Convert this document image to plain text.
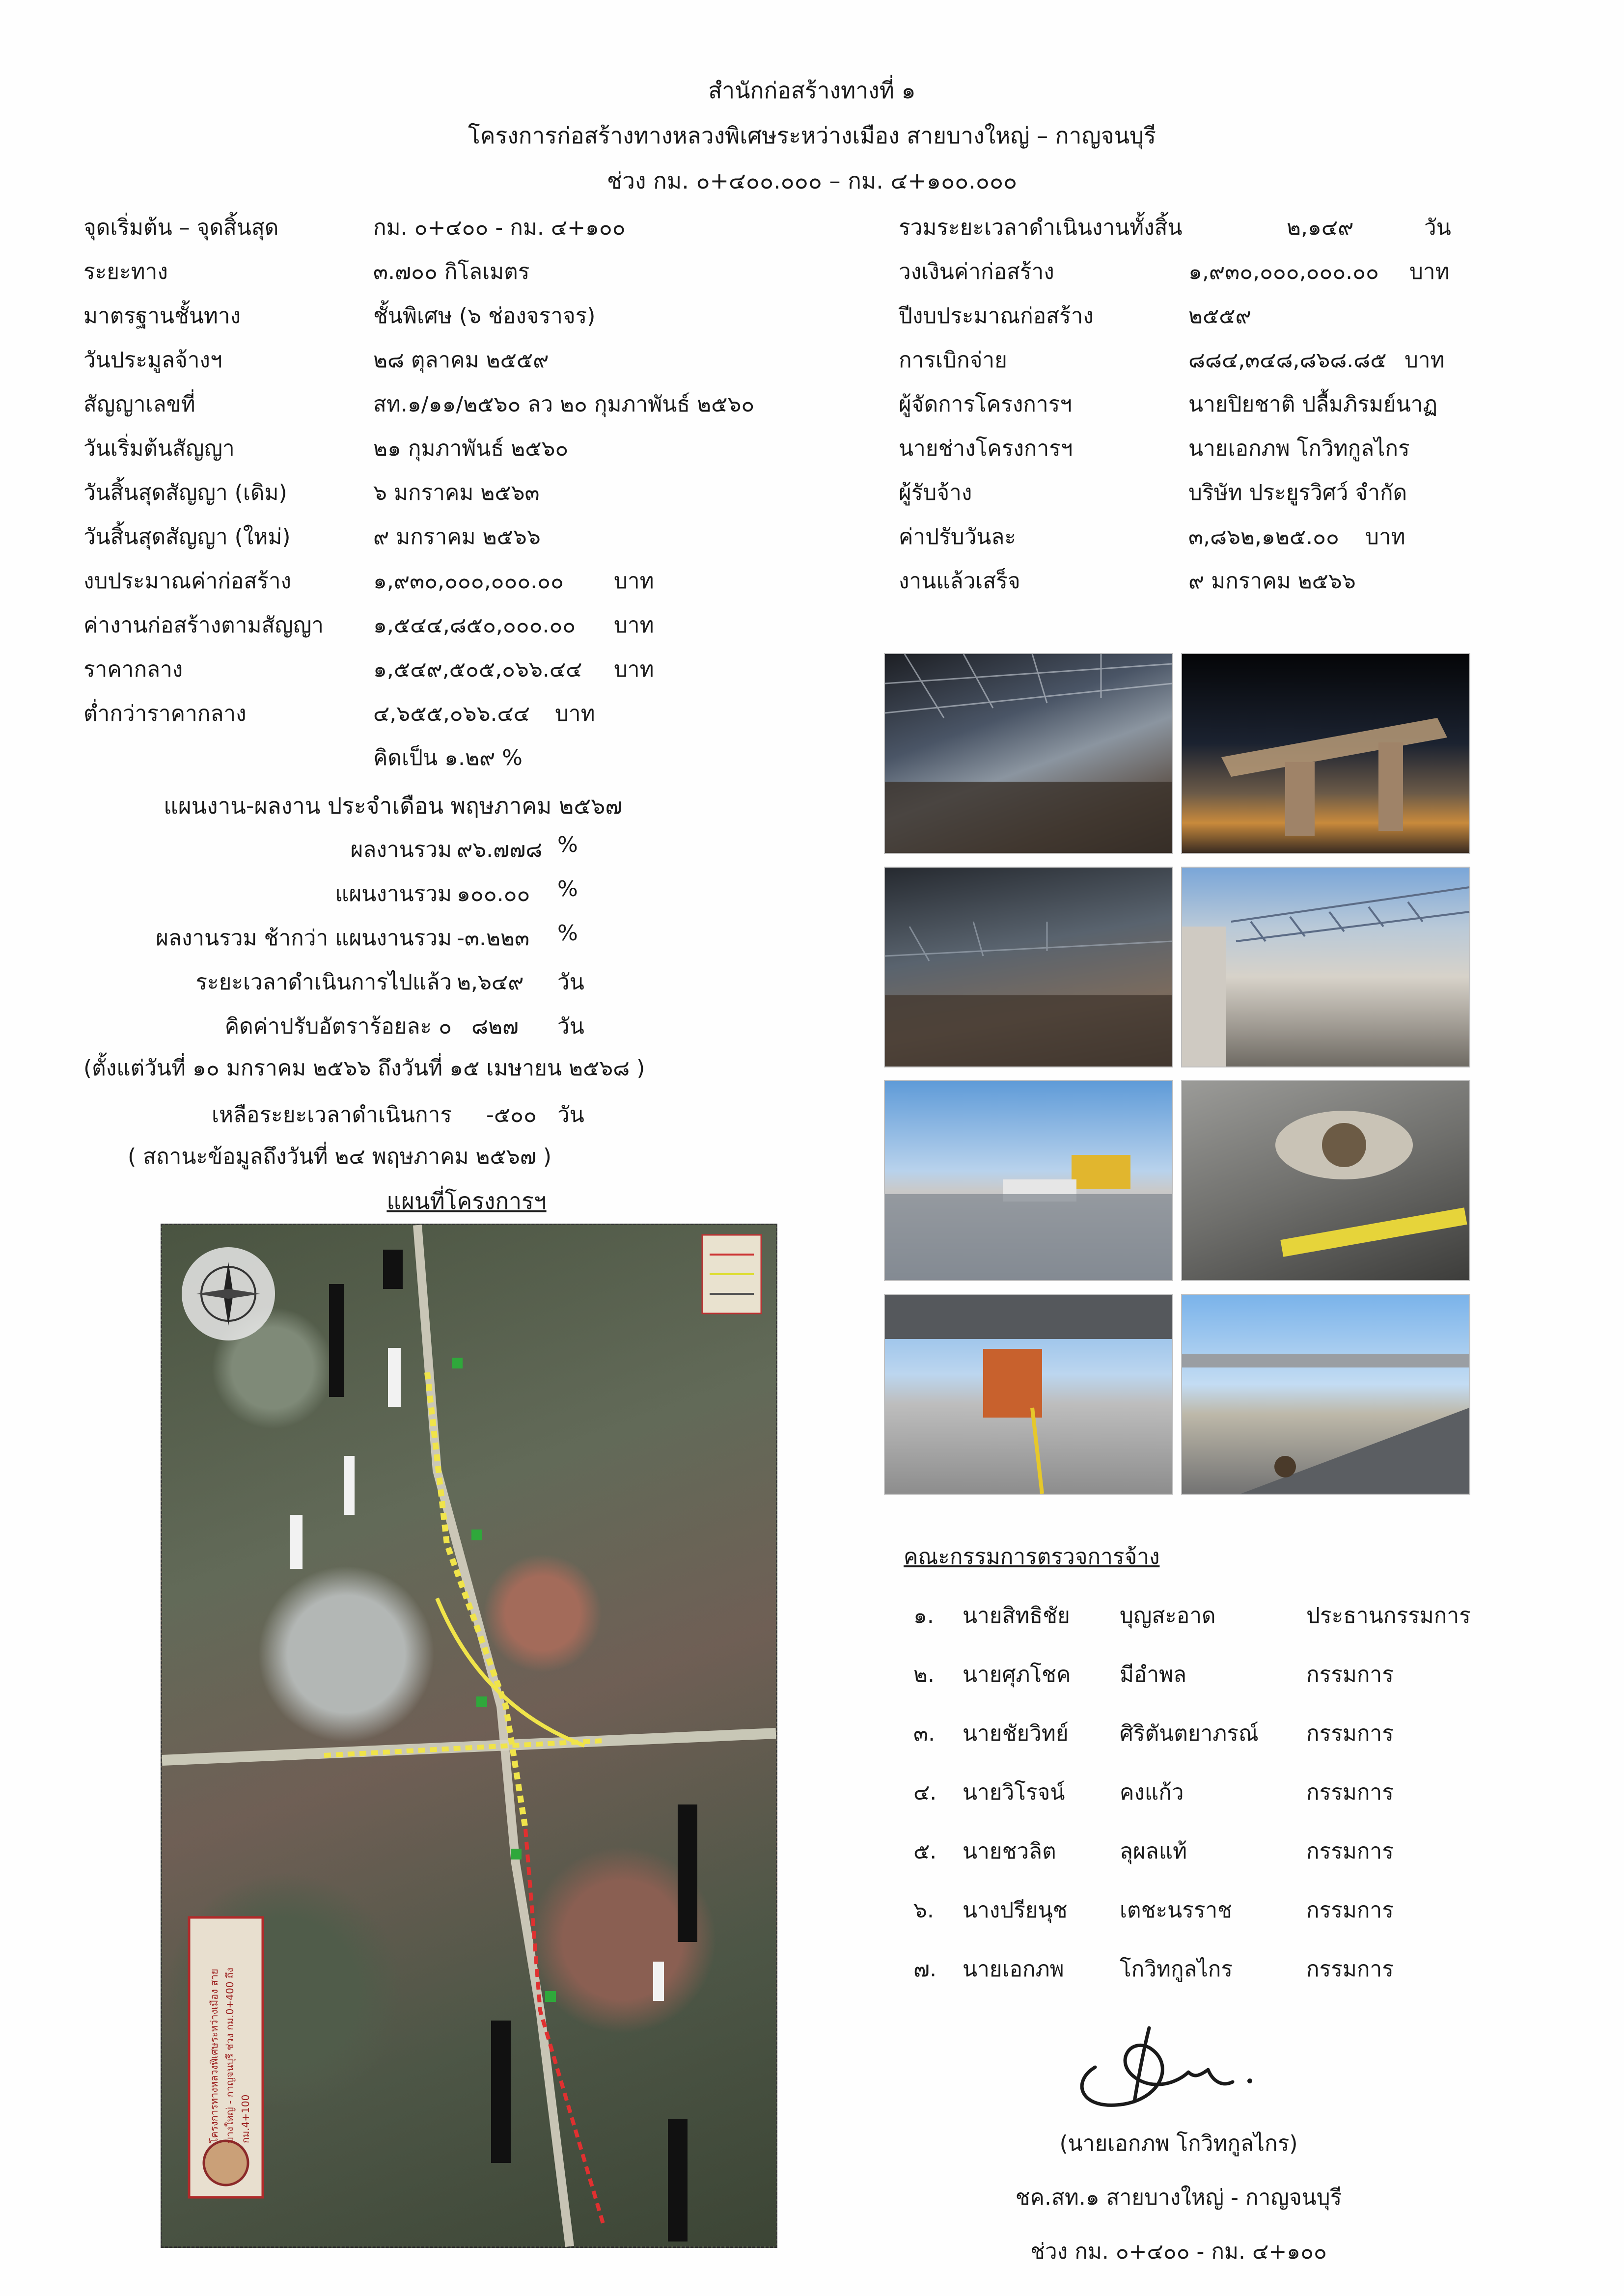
สำนักก่อสร้างทางที่ ๑
โครงการก่อสร้างทางหลวงพิเศษระหว่างเมือง สายบางใหญ่ – กาญจนบุรี
ช่วง กม. ๐+๔๐๐.๐๐๐ – กม. ๔+๑๐๐.๐๐๐
จุดเริ่มต้น – จุดสิ้นสุด	กม. ๐+๔๐๐ - กม. ๔+๑๐๐
ระยะทาง	๓.๗๐๐ กิโลเมตร
มาตรฐานชั้นทาง	ชั้นพิเศษ (๖ ช่องจราจร)
วันประมูลจ้างฯ	๒๘ ตุลาคม ๒๕๕๙
สัญญาเลขที่	สท.๑/๑๑/๒๕๖๐ ลว ๒๐ กุมภาพันธ์ ๒๕๖๐
วันเริ่มต้นสัญญา	๒๑ กุมภาพันธ์ ๒๕๖๐
วันสิ้นสุดสัญญา (เดิม)	๖ มกราคม ๒๕๖๓
วันสิ้นสุดสัญญา (ใหม่)	๙ มกราคม ๒๕๖๖
งบประมาณค่าก่อสร้าง	๑,๙๓๐,๐๐๐,๐๐๐.๐๐ บาท
ค่างานก่อสร้างตามสัญญา ๑,๕๔๔,๘๕๐,๐๐๐.๐๐ บาท
ราคากลาง	๑,๕๔๙,๕๐๕,๐๖๖.๔๔ บาท
ต่ำกว่าราคากลาง	๔,๖๕๕,๐๖๖.๔๔ บาท
คิดเป็น ๑.๒๙ %
รวมระยะเวลาดำเนินงานทั้งสิ้น	๒,๑๔๙	วัน
วงเงินค่าก่อสร้าง	๑,๙๓๐,๐๐๐,๐๐๐.๐๐ บาท
ปีงบประมาณก่อสร้าง	๒๕๕๙
การเบิกจ่าย	๘๘๔,๓๔๘,๘๖๘.๘๕ บาท
ผู้จัดการโครงการฯ	นายปิยชาติ ปลื้มภิรมย์นาฏ
นายช่างโครงการฯ	นายเอกภพ โกวิทกูลไกร
ผู้รับจ้าง	บริษัท ประยูรวิศว์ จำกัด
ค่าปรับวันละ	๓,๘๖๒,๑๒๕.๐๐ บาท
งานแล้วเสร็จ	๙ มกราคม ๒๕๖๖
แผนงาน-ผลงาน ประจำเดือน พฤษภาคม ๒๕๖๗
ผลงานรวม ๙๖.๗๗๘ %
แผนงานรวม ๑๐๐.๐๐ %
ผลงานรวม ช้ากว่า แผนงานรวม -๓.๒๒๓ %
ระยะเวลาดำเนินการไปแล้ว ๒,๖๔๙ วัน
คิดค่าปรับอัตราร้อยละ ๐ ๘๒๗ วัน
(ตั้งแต่วันที่ ๑๐ มกราคม ๒๕๖๖ ถึงวันที่ ๑๕ เมษายน ๒๕๖๘ )
เหลือระยะเวลาดำเนินการ -๕๐๐ วัน
( สถานะข้อมูลถึงวันที่ ๒๔ พฤษภาคม ๒๕๖๗ )
แผนที่โครงการฯ
โครงการทางหลวงพิเศษระหว่างเมือง สายบางใหญ่ - กาญจนบุรี ช่วง กม.0+400 ถึง กม.4+100
คณะกรรมการตรวจการจ้าง
๑. นายสิทธิชัย บุญสะอาด	ประธานกรรมการ
๒. นายศุภโชค มีอำพล	กรรมการ
๓. นายชัยวิทย์ ศิริตันตยาภรณ์ กรรมการ
๔. นายวิโรจน์	คงแก้ว	กรรมการ
๕. นายชวลิต	ลุผลแท้	กรรมการ
๖. นางปรียนุช เตชะนรราช	กรรมการ
๗. นายเอกภพ	โกวิทกูลไกร	กรรมการ
(นายเอกภพ โกวิทกูลไกร)
ชค.สท.๑ สายบางใหญ่ - กาญจนบุรี
ช่วง กม. ๐+๔๐๐ - กม. ๔+๑๐๐
